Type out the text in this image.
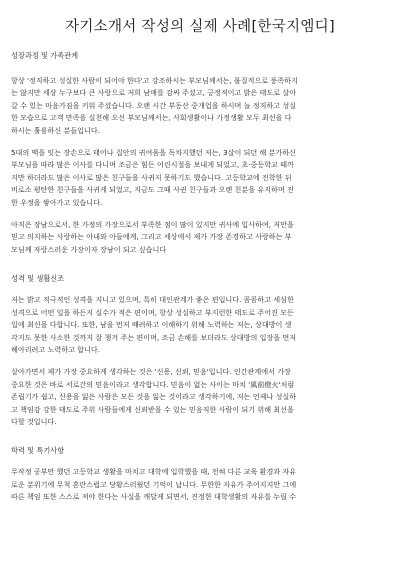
자기소개서 작성의 실제 사례[한국지엠디]
성장과정 및 가족관계

항상 '정직하고 성실한 사람이 되어야 한다'고 강조하시는 부모님께서는, 물질적으로 풍족하지

는 않지만 세상 누구보다 큰 사랑으로 저희 남매를 감싸 주셨고, 긍정적이고 밝은 태도로 살아

갈 수 있는 마음가짐을 키워 주셨습니다. 오랜 시간 부동산 중개업을 하시며 늘 정직하고 성실

한 모습으로 고객 만족을 실천해 오신 부모님께서는, 사회생활이나 가정생활 모두 최선을 다

하시는 훌륭하신 분들입니다.

5대의 맥을 잇는 장손으로 태어나 집안의 귀여움을 독차지했던 저는, 3살이 되던 해 분가하신

부모님을 따라 많은 이사를 다니며 조금은 힘든 어린시절을 보내게 되었고, 초·중등학교 때까

지만 하더라도 많은 이사로 많은 친구들을 사귀지 못하기도 했습니다. 고등학교에 진학한 뒤

비로소 평탄한 친구들을 사귀게 되었고, 지금도 그때 사귄 친구들과 오랜 친분을 유지하며 진

한 우정을 쌓아가고 있습니다.

아직은 장남으로서, 한 가정의 가장으로서 부족한 점이 많이 있지만 귀사에 입사하여, 저만을

믿고 의지하는 사랑하는 아내와 아들에게, 그리고 세상에서 제가 가장 존경하고 사랑하는 부

모님께 자랑스러운 가장이자 장남이 되고 싶습니다

성격 및 생활신조

저는 밝고 적극적인 성격을 지니고 있으며, 특히 대인관계가 좋은 편입니다. 꼼꼼하고 세심한

성격으로 어떤 일을 하든지 실수가 적은 편이며, 항상 성실하고 부지런한 태도로 주어진 모든

일에 최선을 다합니다. 또한, 남을 먼저 배려하고 이해하기 위해 노력하는 저는, 상대방이 생

각지도 못한 사소한 것까지 잘 챙겨 주는 편이며, 조금 손해를 보더라도 상대방의 입장을 먼저

헤아리려고 노력하고 합니다.

살아가면서 제가 가장 중요하게 생각하는 것은 '신용, 신뢰, 믿음'입니다. 인간관계에서 가장

중요한 것은 바로 서로간의 믿음이라고 생각합니다. 믿음이 없는 사이는 마치 '風前燈火'처럼

존립기가 쉽고, 신용을 잃은 사람은 모든 것을 잃는 것이라고 생각하기에, 저는 언제나 성실하

고 책임감 강한 태도로 주위 사람들에게 신뢰받을 수 있는 믿음직한 사람이 되기 위해 최선을

다할 것입니다.

학력 및 특기사항

무작정 공부만 했던 고등학교 생활을 마치고 대학에 입학했을 때, 전혀 다른 교육 환경과 자유

로운 분위기에 무척 혼란스럽고 당황스러웠던 기억이 납니다. 무한한 자유가 주어지지만 그에

따른 책임 또한 스스로 져야 한다는 사실을 깨달게 되면서, 진정한 대학생활의 자유를 누릴 수
